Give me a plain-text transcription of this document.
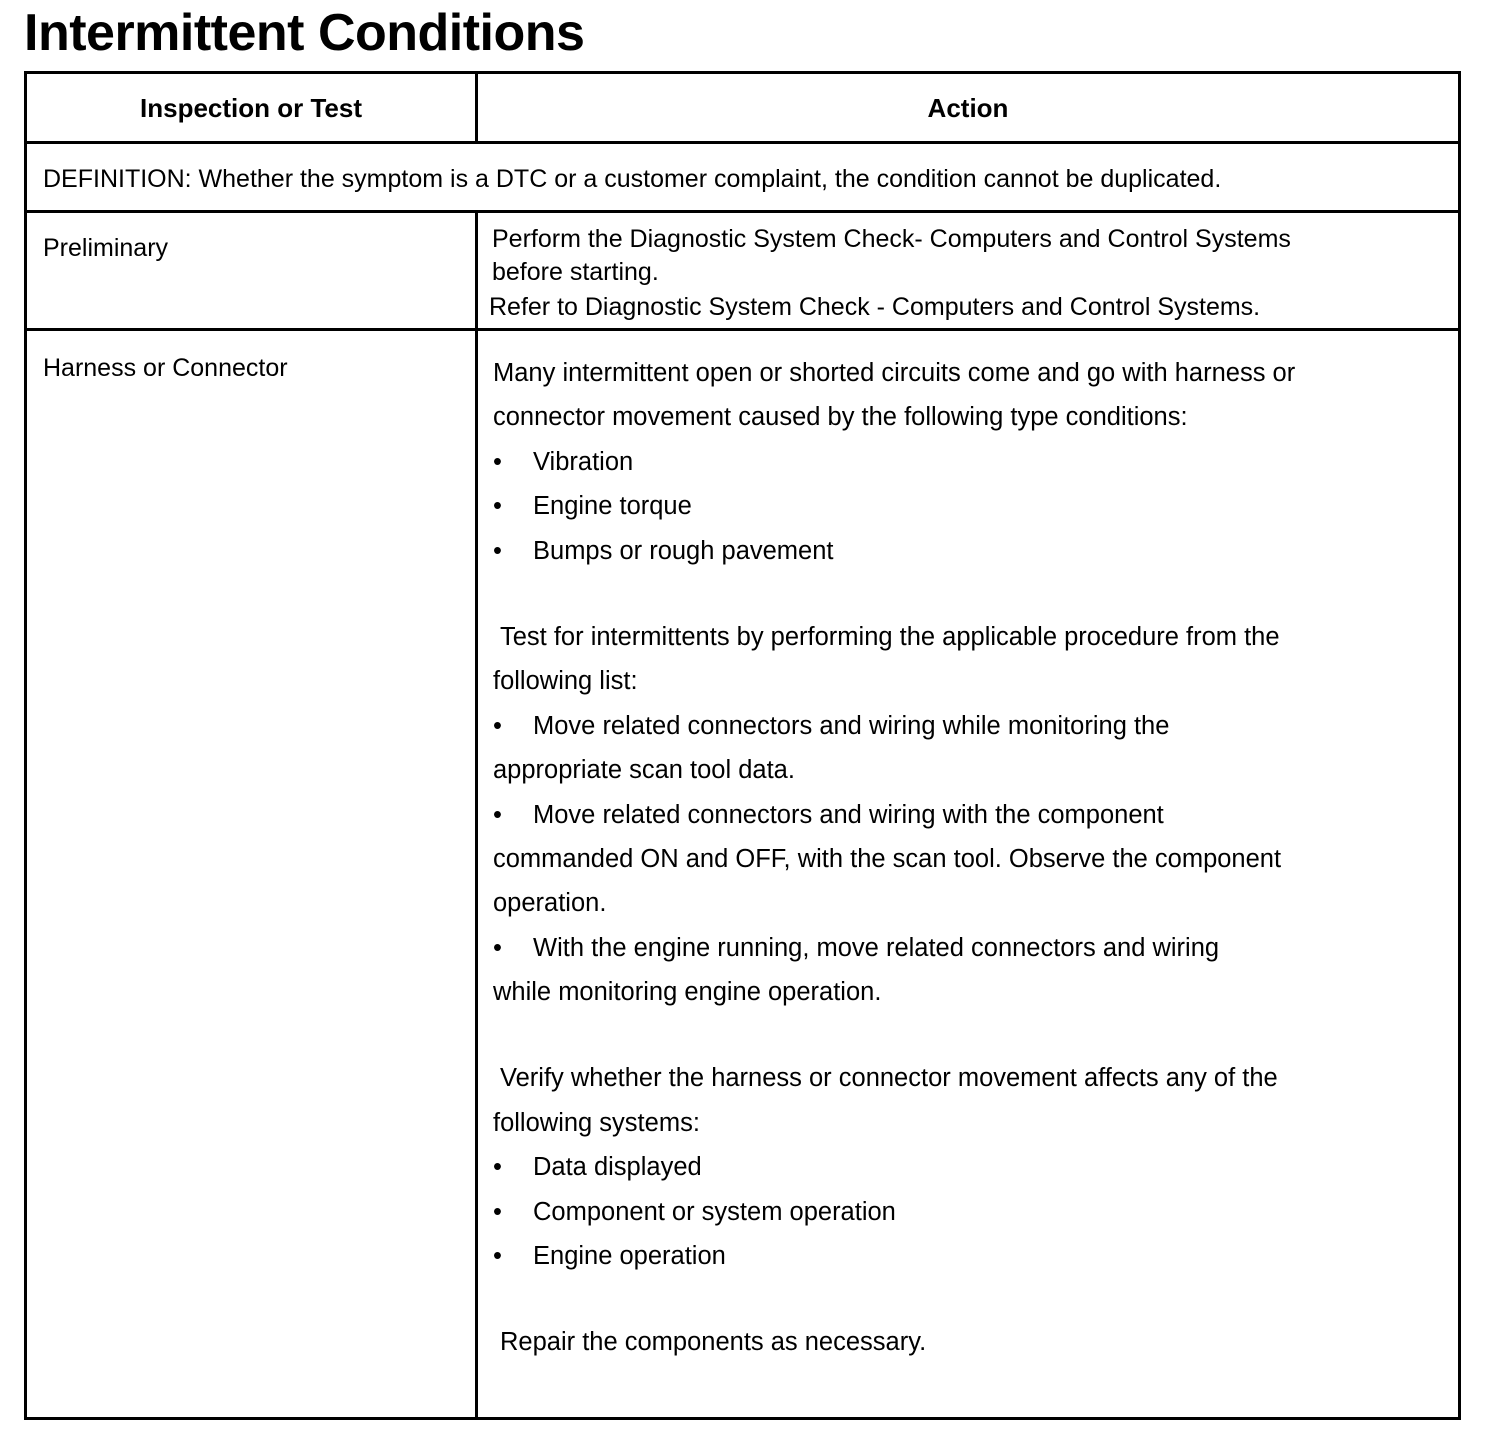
Intermittent Conditions
Inspection or Test	Action
DEFINITION: Whether the symptom is a DTC or a customer complaint, the condition cannot be duplicated.
Preliminary	Perform the Diagnostic System Check- Computers and Control Systems
before starting.
Refer to Diagnostic System Check - Computers and Control Systems.
Harness or Connector	Many intermittent open or shorted circuits come and go with harness or
connector movement caused by the following type conditions:
• Vibration
• Engine torque
• Bumps or rough pavement
Test for intermittents by performing the applicable procedure from the
following list:
• Move related connectors and wiring while monitoring the
appropriate scan tool data.
• Move related connectors and wiring with the component
commanded ON and OFF, with the scan tool. Observe the component
operation.
• With the engine running, move related connectors and wiring
while monitoring engine operation.
Verify whether the harness or connector movement affects any of the
following systems:
• Data displayed
• Component or system operation
• Engine operation
Repair the components as necessary.
